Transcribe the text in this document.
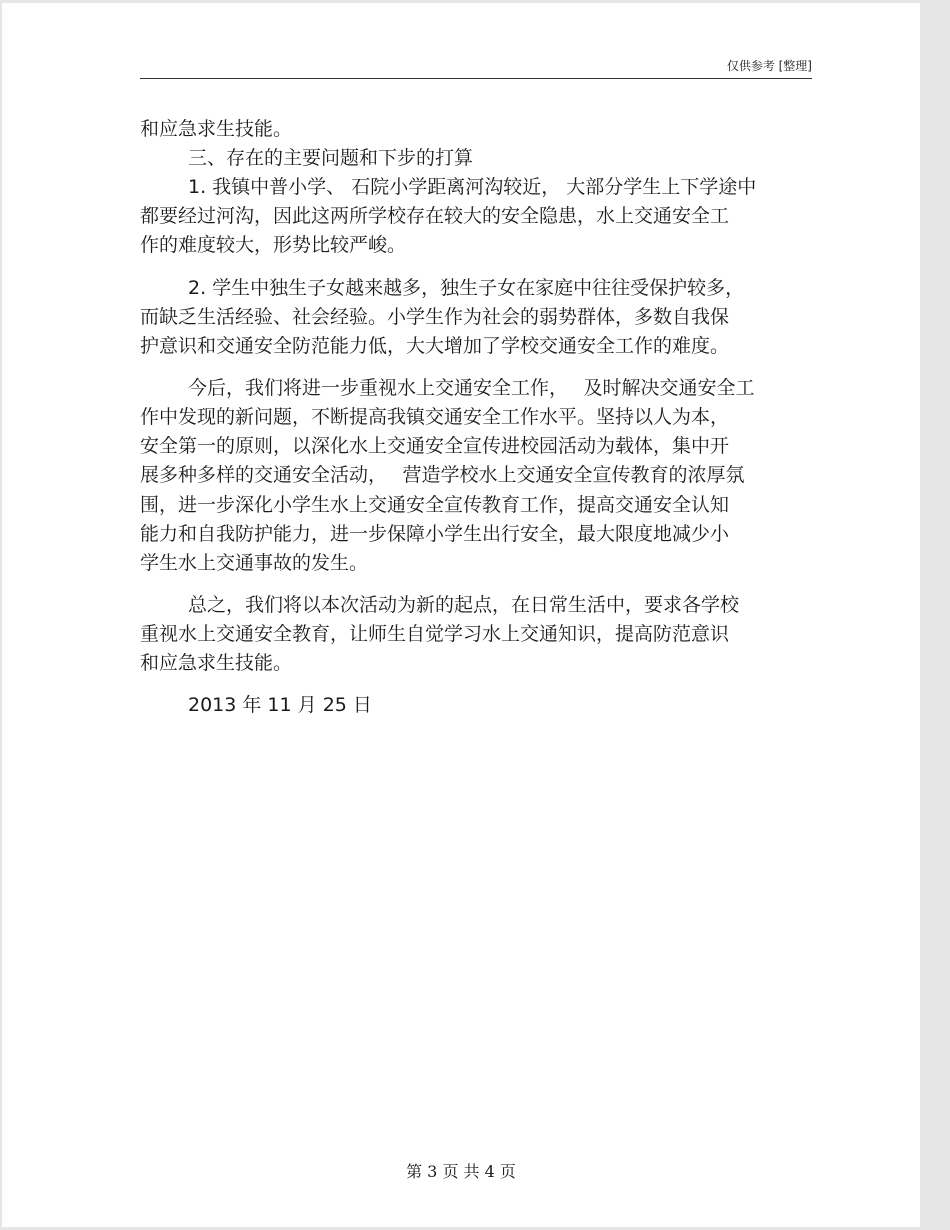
仅供参考 [整理]
和应急求生技能。
三、存在的主要问题和下步的打算
1. 我镇中普小学、 石院小学距离河沟较近， 大部分学生上下学途中
都要经过河沟，因此这两所学校存在较大的安全隐患，水上交通安全工
作的难度较大，形势比较严峻。
2. 学生中独生子女越来越多，独生子女在家庭中往往受保护较多，
而缺乏生活经验、社会经验。小学生作为社会的弱势群体，多数自我保
护意识和交通安全防范能力低，大大增加了学校交通安全工作的难度。
今后，我们将进一步重视水上交通安全工作，　 及时解决交通安全工
作中发现的新问题，不断提高我镇交通安全工作水平。坚持以人为本，
安全第一的原则，以深化水上交通安全宣传进校园活动为载体，集中开
展多种多样的交通安全活动，　 营造学校水上交通安全宣传教育的浓厚氛
围，进一步深化小学生水上交通安全宣传教育工作，提高交通安全认知
能力和自我防护能力，进一步保障小学生出行安全，最大限度地减少小
学生水上交通事故的发生。
总之，我们将以本次活动为新的起点，在日常生活中，要求各学校
重视水上交通安全教育，让师生自觉学习水上交通知识，提高防范意识
和应急求生技能。
2013 年 11 月 25 日
第 3 页 共 4 页
